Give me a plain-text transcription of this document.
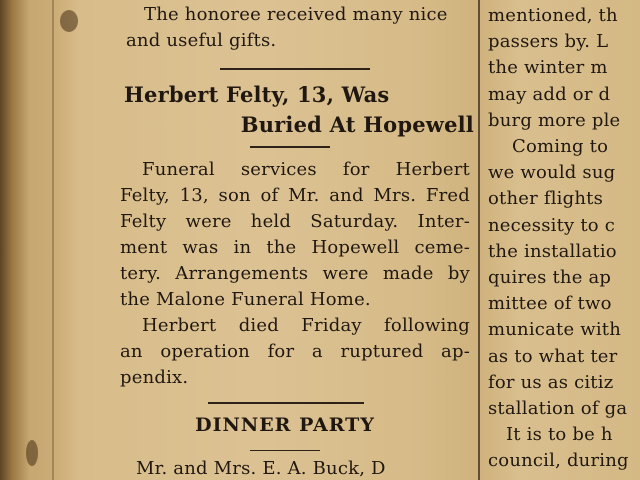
The honoree received many nice
and useful gifts.
Herbert Felty, 13, Was
Buried At Hopewell
Funeral services for Herbert
Felty, 13, son of Mr. and Mrs. Fred
Felty were held Saturday. Inter-
ment was in the Hopewell ceme-
tery. Arrangements were made by
the Malone Funeral Home.
Herbert died Friday following
an operation for a ruptured ap-
pendix.
DINNER PARTY
Mr. and Mrs. E. A. Buck, D
mentioned, th
passers by. L
the winter m
may add or d
burg more ple
Coming to
we would sug
other flights
necessity to c
the installatio
quires the ap
mittee of two
municate with
as to what ter
for us as citiz
stallation of ga
It is to be h
council, during
